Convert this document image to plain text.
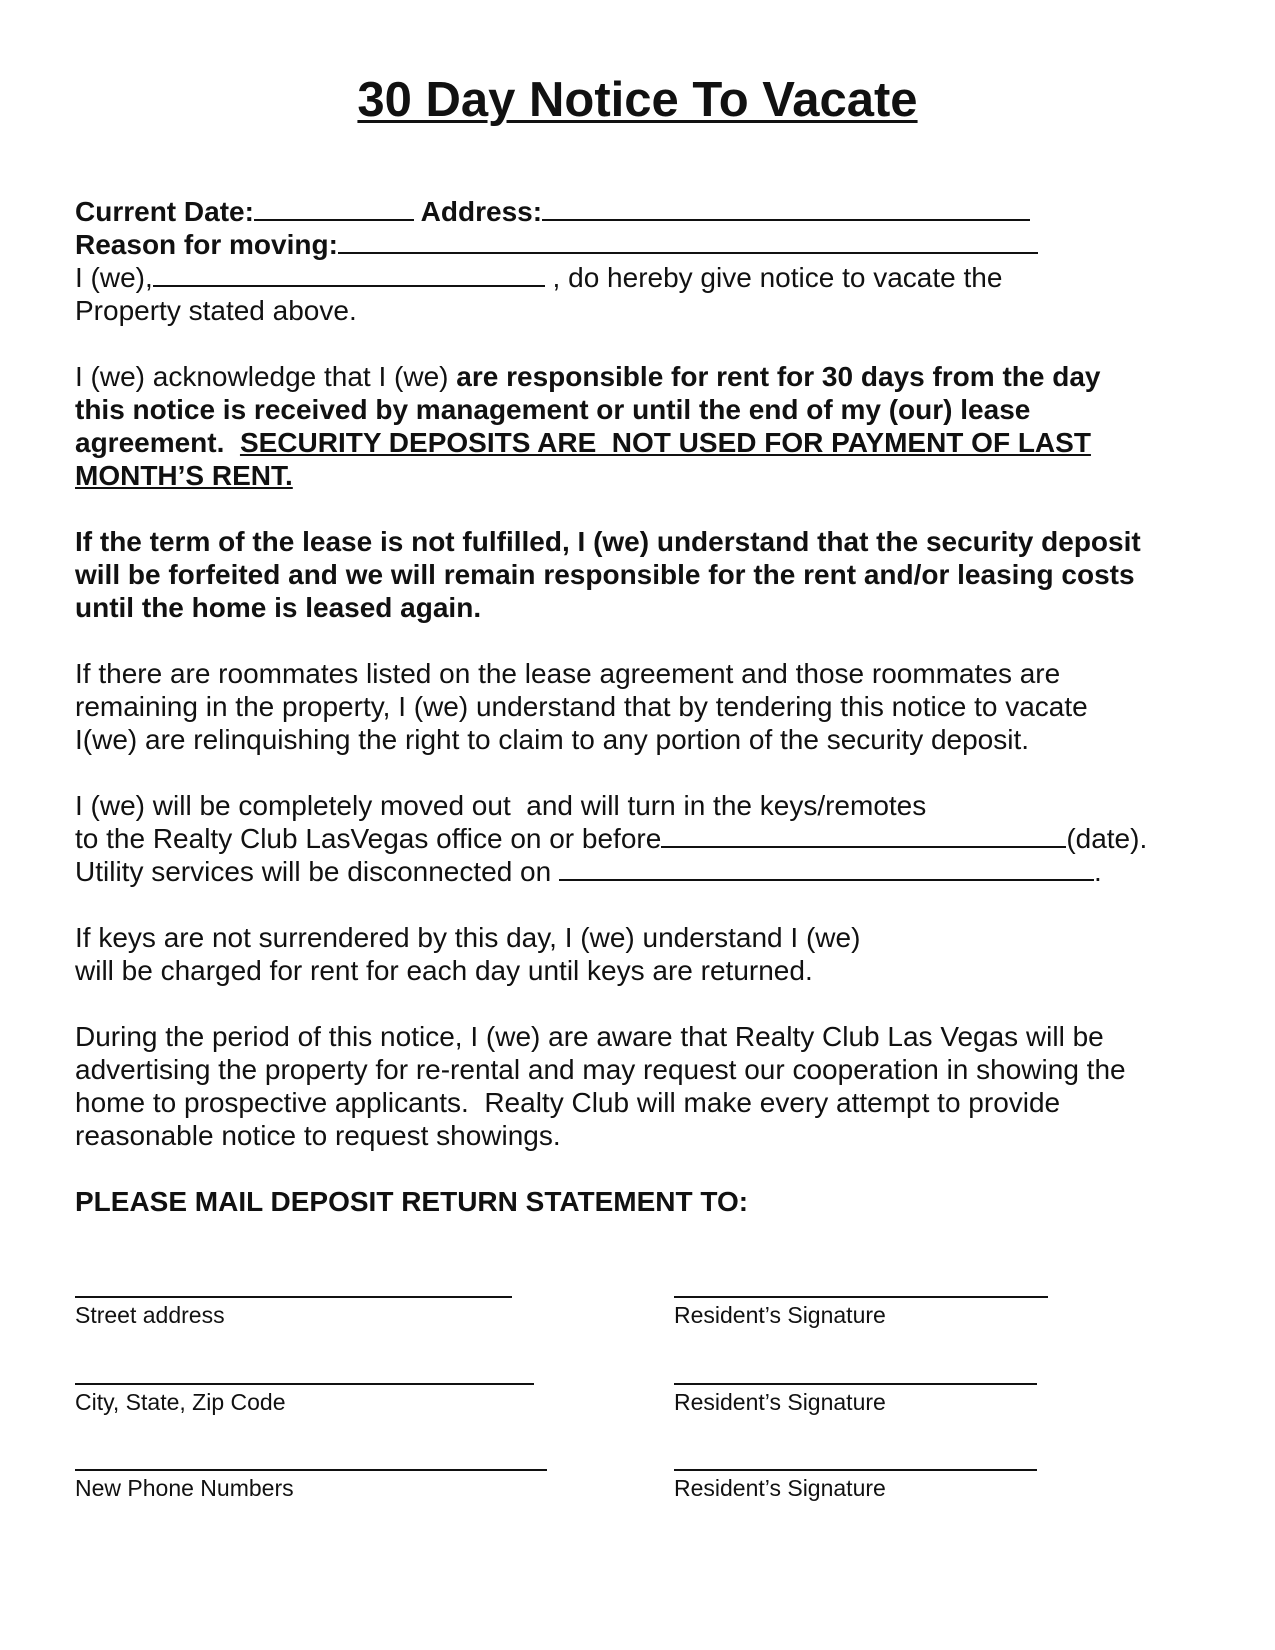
30 Day Notice To Vacate
Current Date:	Address:
Reason for moving:
I (we),	, do hereby give notice to vacate the
Property stated above.
I (we) acknowledge that I (we) are responsible for rent for 30 days from the day
this notice is received by management or until the end of my (our) lease
agreement.  SECURITY DEPOSITS ARE  NOT USED FOR PAYMENT OF LAST
MONTH’S RENT.
If the term of the lease is not fulfilled, I (we) understand that the security deposit
will be forfeited and we will remain responsible for the rent and/or leasing costs
until the home is leased again.
If there are roommates listed on the lease agreement and those roommates are
remaining in the property, I (we) understand that by tendering this notice to vacate
I(we) are relinquishing the right to claim to any portion of the security deposit.
I (we) will be completely moved out  and will turn in the keys/remotes
to the Realty Club LasVegas office on or before	(date).
Utility services will be disconnected on	.
If keys are not surrendered by this day, I (we) understand I (we)
will be charged for rent for each day until keys are returned.
During the period of this notice, I (we) are aware that Realty Club Las Vegas will be
advertising the property for re-rental and may request our cooperation in showing the
home to prospective applicants.  Realty Club will make every attempt to provide
reasonable notice to request showings.
PLEASE MAIL DEPOSIT RETURN STATEMENT TO:
Street address	Resident’s Signature
City, State, Zip Code	Resident’s Signature
New Phone Numbers	Resident’s Signature
